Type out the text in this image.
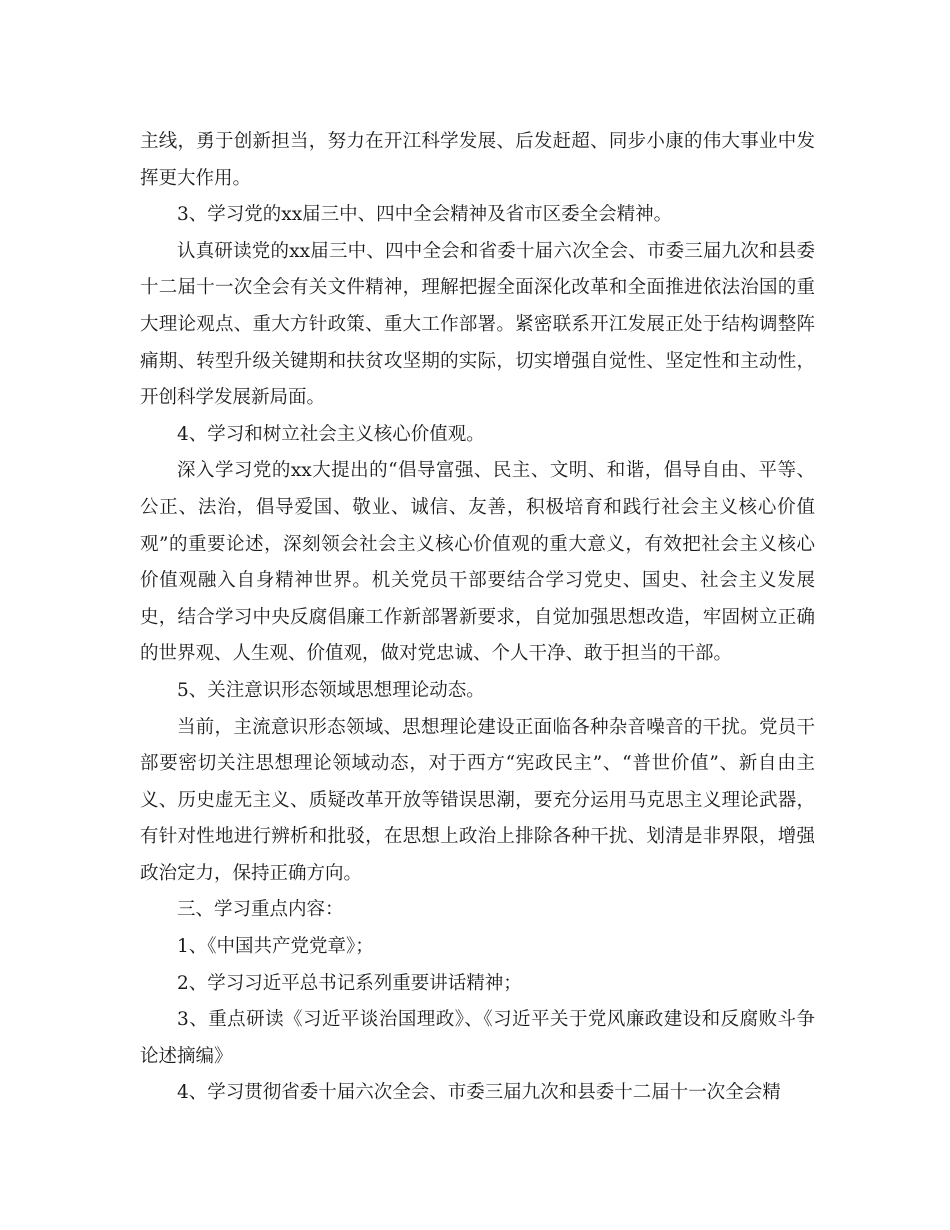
主线，勇于创新担当，努力在开江科学发展、后发赶超、同步小康的伟大事业中发挥更大作用。

3、学习党的xx届三中、四中全会精神及省市区委全会精神。

认真研读党的xx届三中、四中全会和省委十届六次全会、市委三届九次和县委十二届十一次全会有关文件精神，理解把握全面深化改革和全面推进依法治国的重大理论观点、重大方针政策、重大工作部署。紧密联系开江发展正处于结构调整阵痛期、转型升级关键期和扶贫攻坚期的实际，切实增强自觉性、坚定性和主动性，开创科学发展新局面。

4、学习和树立社会主义核心价值观。

深入学习党的xx大提出的“倡导富强、民主、文明、和谐，倡导自由、平等、公正、法治，倡导爱国、敬业、诚信、友善，积极培育和践行社会主义核心价值观”的重要论述，深刻领会社会主义核心价值观的重大意义，有效把社会主义核心价值观融入自身精神世界。机关党员干部要结合学习党史、国史、社会主义发展史，结合学习中央反腐倡廉工作新部署新要求，自觉加强思想改造，牢固树立正确的世界观、人生观、价值观，做对党忠诚、个人干净、敢于担当的干部。

5、关注意识形态领域思想理论动态。

当前，主流意识形态领域、思想理论建设正面临各种杂音噪音的干扰。党员干部要密切关注思想理论领域动态，对于西方“宪政民主”、“普世价值”、新自由主义、历史虚无主义、质疑改革开放等错误思潮，要充分运用马克思主义理论武器，有针对性地进行辨析和批驳，在思想上政治上排除各种干扰、划清是非界限，增强政治定力，保持正确方向。

三、学习重点内容：

1、《中国共产党党章》；

2、学习习近平总书记系列重要讲话精神；

3、重点研读《习近平谈治国理政》、《习近平关于党风廉政建设和反腐败斗争论述摘编》

4、学习贯彻省委十届六次全会、市委三届九次和县委十二届十一次全会精
